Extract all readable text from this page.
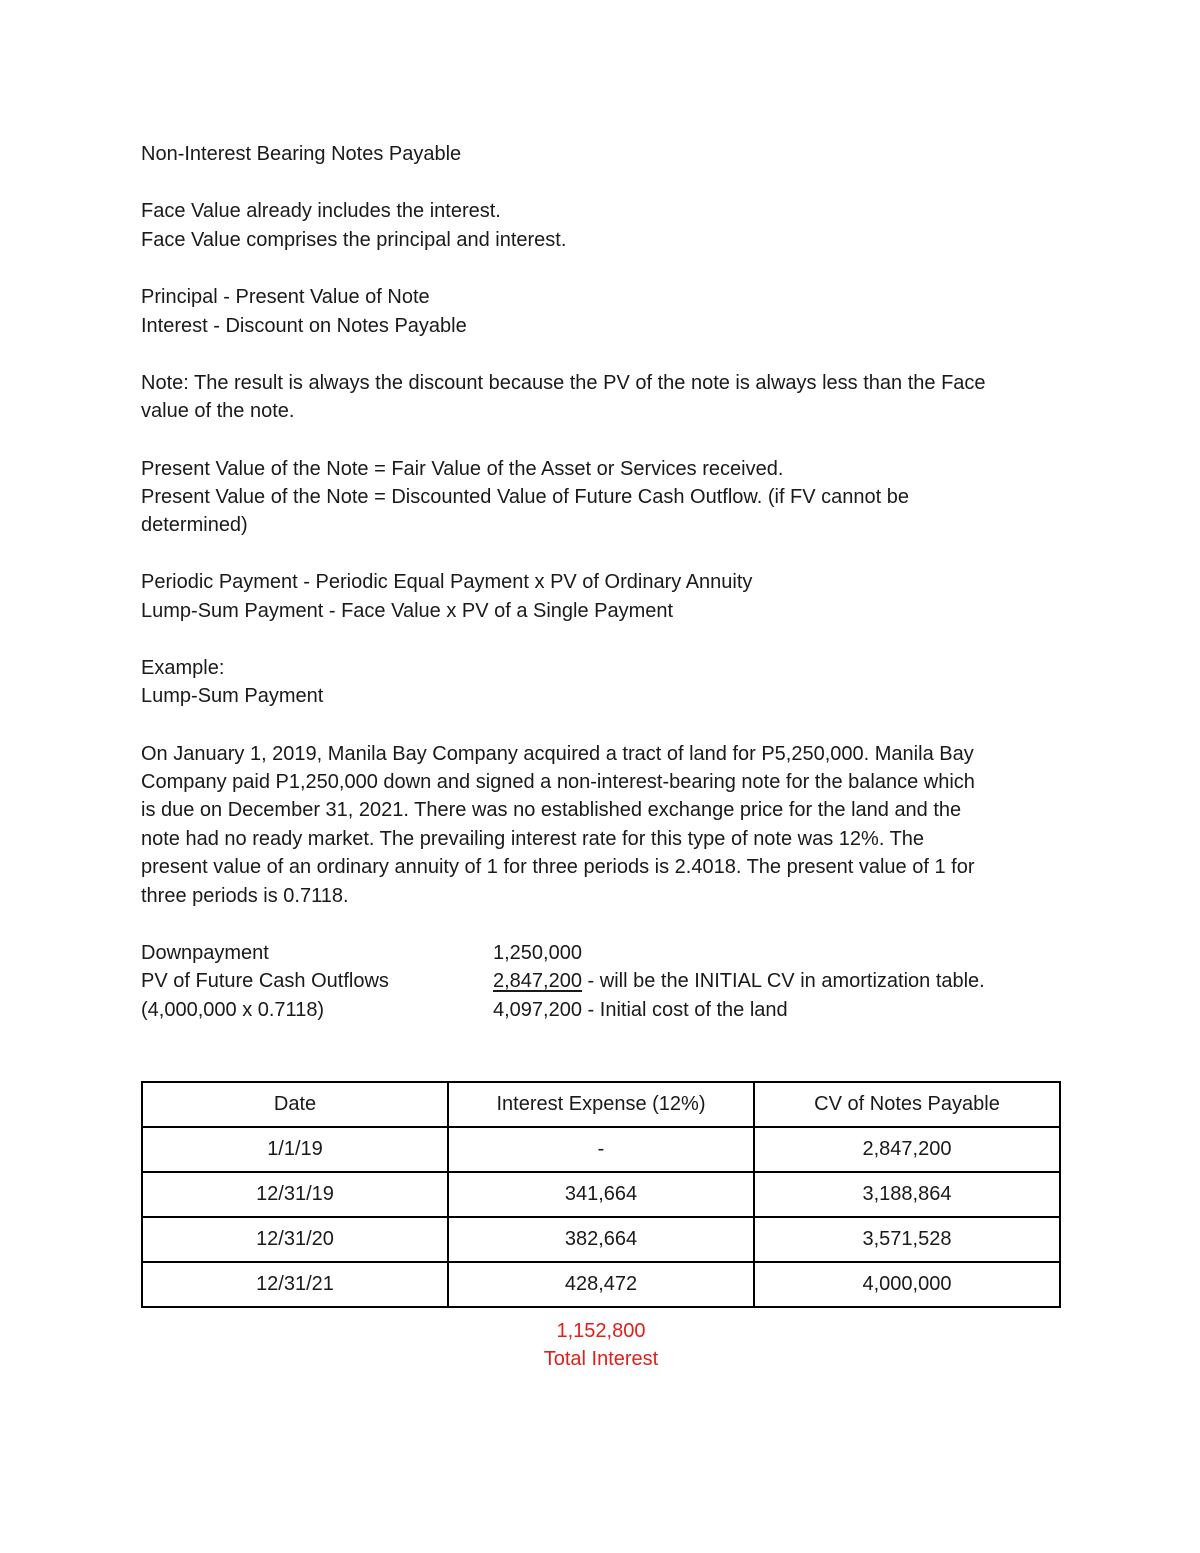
Non-Interest Bearing Notes Payable
Face Value already includes the interest.
Face Value comprises the principal and interest.
Principal - Present Value of Note
Interest - Discount on Notes Payable
Note: The result is always the discount because the PV of the note is always less than the Face
value of the note.
Present Value of the Note = Fair Value of the Asset or Services received.
Present Value of the Note = Discounted Value of Future Cash Outflow. (if FV cannot be
determined)
Periodic Payment - Periodic Equal Payment x PV of Ordinary Annuity
Lump-Sum Payment - Face Value x PV of a Single Payment
Example:
Lump-Sum Payment
On January 1, 2019, Manila Bay Company acquired a tract of land for P5,250,000. Manila Bay
Company paid P1,250,000 down and signed a non-interest-bearing note for the balance which
is due on December 31, 2021. There was no established exchange price for the land and the
note had no ready market. The prevailing interest rate for this type of note was 12%. The
present value of an ordinary annuity of 1 for three periods is 2.4018. The present value of 1 for
three periods is 0.7118.
Downpayment	1,250,000
PV of Future Cash Outflows	2,847,200 - will be the INITIAL CV in amortization table.
(4,000,000 x 0.7118)	4,097,200 - Initial cost of the land
Date	Interest Expense (12%)	CV of Notes Payable
1/1/19	-	2,847,200
12/31/19	341,664	3,188,864
12/31/20	382,664	3,571,528
12/31/21	428,472	4,000,000
1,152,800
Total Interest
